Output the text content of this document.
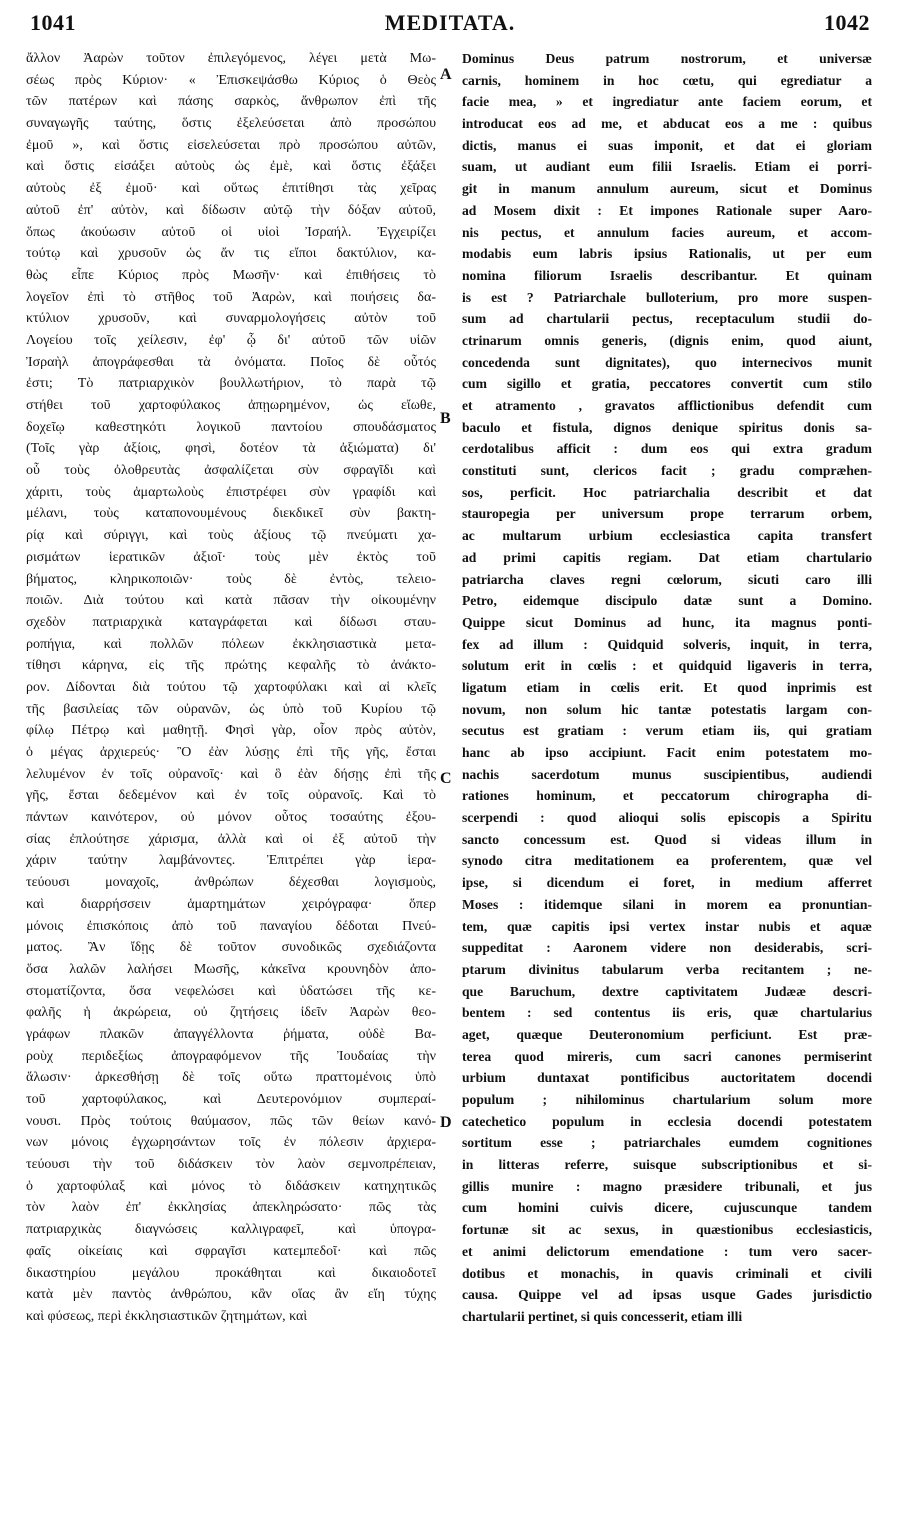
1041	MEDITATA.	1042
ἄλλον Ἀαρὼν τοῦτον ἐπιλεγόμενος, λέγει μετὰ Μω-
σέως πρὸς Κύριον· « Ἐπισκεψάσθω Κύριος ὁ Θεὸς
τῶν πατέρων καὶ πάσης σαρκὸς, ἄνθρωπον ἐπὶ τῆς
συναγωγῆς ταύτης, ὅστις ἐξελεύσεται ἀπὸ προσώπου
ἐμοῦ », καὶ ὅστις εἰσελεύσεται πρὸ προσώπου αὐτῶν,
καὶ ὅστις εἰσάξει αὐτοὺς ὡς ἐμὲ, καὶ ὅστις ἐξάξει
αὐτοὺς ἐξ ἐμοῦ· καὶ οὕτως ἐπιτίθησι τὰς χεῖρας
αὐτοῦ ἐπ' αὐτὸν, καὶ δίδωσιν αὐτῷ τὴν δόξαν αὐτοῦ,
ὅπως ἀκούωσιν αὐτοῦ οἱ υἱοὶ Ἰσραήλ. Ἐγχειρίζει
τούτῳ καὶ χρυσοῦν ὡς ἄν τις εἴποι δακτύλιον, κα-
θὼς εἶπε Κύριος πρὸς Μωσῆν· καὶ ἐπιθήσεις τὸ
λογεῖον ἐπὶ τὸ στῆθος τοῦ Ἀαρὼν, καὶ ποιήσεις δα-
κτύλιον χρυσοῦν, καὶ συναρμολογήσεις αὐτὸν τοῦ
Λογείου τοῖς χείλεσιν, ἐφ' ᾧ δι' αὐτοῦ τῶν υἱῶν
Ἰσραὴλ ἀπογράφεσθαι τὰ ὀνόματα. Ποῖος δὲ οὗτός
ἐστι; Τὸ πατριαρχικὸν βουλλωτήριον, τὸ παρὰ τῷ
στήθει τοῦ χαρτοφύλακος ἀπῃωρημένον, ὡς εἴωθε,
δοχεῖῳ καθεστηκότι λογικοῦ παντοίου σπουδάσματος
(Τοῖς γὰρ ἀξίοις, φησὶ, δοτέον τὰ ἀξιώματα) δι'
οὗ τοὺς ὀλοθρευτὰς ἀσφαλίζεται σὺν σφραγῖδι καὶ
χάριτι, τοὺς ἁμαρτωλοὺς ἐπιστρέφει σὺν γραφίδι καὶ
μέλανι, τοὺς καταπονουμένους διεκδικεῖ σὺν βακτη-
ρίᾳ καὶ σύριγγι, καὶ τοὺς ἀξίους τῷ πνεύματι χα-
ρισμάτων ἱερατικῶν ἀξιοῖ· τοὺς μὲν ἐκτὸς τοῦ
βήματος, κληρικοποιῶν· τοὺς δὲ ἐντὸς, τελειο-
ποιῶν. Διὰ τούτου καὶ κατὰ πᾶσαν τὴν οἰκουμένην
σχεδὸν πατριαρχικὰ καταγράφεται καὶ δίδωσι σταυ-
ροπήγια, καὶ πολλῶν πόλεων ἐκκλησιαστικὰ μετα-
τίθησι κάρηνα, εἰς τῆς πρώτης κεφαλῆς τὸ ἀνάκτο-
ρον. Δίδονται διὰ τούτου τῷ χαρτοφύλακι καὶ αἱ κλεῖς
τῆς βασιλείας τῶν οὐρανῶν, ὡς ὑπὸ τοῦ Κυρίου τῷ
φίλῳ Πέτρῳ καὶ μαθητῇ. Φησὶ γὰρ, οἷον πρὸς αὐτὸν,
ὁ μέγας ἀρχιερεύς· Ὃ ἐὰν λύσῃς ἐπὶ τῆς γῆς, ἔσται
λελυμένον ἐν τοῖς οὐρανοῖς· καὶ ὃ ἐὰν δήσῃς ἐπὶ τῆς
γῆς, ἔσται δεδεμένον καὶ ἐν τοῖς οὐρανοῖς. Καὶ τὸ
πάντων καινότερον, οὐ μόνον οὗτος τοσαύτης ἐξου-
σίας ἐπλούτησε χάρισμα, ἀλλὰ καὶ οἱ ἐξ αὐτοῦ τὴν
χάριν ταύτην λαμβάνοντες. Ἐπιτρέπει γὰρ ἱερα-
τεύουσι μοναχοῖς, ἀνθρώπων δέχεσθαι λογισμοὺς,
καὶ διαρρήσσειν ἁμαρτημάτων χειρόγραφα· ὅπερ
μόνοις ἐπισκόποις ἀπὸ τοῦ παναγίου δέδοται Πνεύ-
ματος. Ἂν ἴδῃς δὲ τοῦτον συνοδικῶς σχεδιάζοντα
ὅσα λαλῶν λαλήσει Μωσῆς, κἀκεῖνα κρουνηδὸν ἀπο-
στοματίζοντα, ὅσα νεφελώσει καὶ ὑδατώσει τῆς κε-
φαλῆς ἡ ἀκρώρεια, οὐ ζητήσεις ἰδεῖν Ἀαρὼν θεο-
γράφων πλακῶν ἀπαγγέλλοντα ῥήματα, οὐδὲ Βα-
ροὺχ περιδεξίως ἀπογραφόμενον τῆς Ἰουδαίας τὴν
ἅλωσιν· ἀρκεσθήσῃ δὲ τοῖς οὕτω πραττομένοις ὑπὸ
τοῦ χαρτοφύλακος, καὶ Δευτερονόμιον συμπεραί-
νουσι. Πρὸς τούτοις θαύμασον, πῶς τῶν θείων κανό-
νων μόνοις ἐγχωρησάντων τοῖς ἐν πόλεσιν ἀρχιερα-
τεύουσι τὴν τοῦ διδάσκειν τὸν λαὸν σεμνοπρέπειαν,
ὁ χαρτοφύλαξ καὶ μόνος τὸ διδάσκειν κατηχητικῶς
τὸν λαὸν ἐπ' ἐκκλησίας ἀπεκληρώσατο· πῶς τὰς
πατριαρχικὰς διαγνώσεις καλλιγραφεῖ, καὶ ὑπογρα-
φαῖς οἰκείαις καὶ σφραγῖσι κατεμπεδοῖ· καὶ πῶς
δικαστηρίου μεγάλου προκάθηται καὶ δικαιοδοτεῖ
κατὰ μὲν παντὸς ἀνθρώπου, κἂν οἵας ἂν εἴη τύχης
καὶ φύσεως, περὶ ἐκκλησιαστικῶν ζητημάτων, καὶ
Dominus Deus patrum nostrorum, et universæ
carnis, hominem in hoc cœtu, qui egrediatur a
facie mea, » et ingrediatur ante faciem eorum, et
introducat eos ad me, et abducat eos a me : quibus
dictis, manus ei suas imponit, et dat ei gloriam
suam, ut audiant eum filii Israelis. Etiam ei porri-
git in manum annulum aureum, sicut et Dominus
ad Mosem dixit : Et impones Rationale super Aaro-
nis pectus, et annulum facies aureum, et accom-
modabis eum labris ipsius Rationalis, ut per eum
nomina filiorum Israelis describantur. Et quinam
is est ? Patriarchale bulloterium, pro more suspen-
sum ad chartularii pectus, receptaculum studii do-
ctrinarum omnis generis, (dignis enim, quod aiunt,
concedenda sunt dignitates), quo internecivos munit
cum sigillo et gratia, peccatores convertit cum stilo
et atramento , gravatos afflictionibus defendit cum
baculo et fistula, dignos denique spiritus donis sa-
cerdotalibus afficit : dum eos qui extra gradum
constituti sunt, clericos facit ; gradu compræhen-
sos, perficit. Hoc patriarchalia describit et dat
stauropegia per universum prope terrarum orbem,
ac multarum urbium ecclesiastica capita transfert
ad primi capitis regiam. Dat etiam chartulario
patriarcha claves regni cœlorum, sicuti caro illi
Petro, eidemque discipulo datæ sunt a Domino.
Quippe sicut Dominus ad hunc, ita magnus ponti-
fex ad illum : Quidquid solveris, inquit, in terra,
solutum erit in cœlis : et quidquid ligaveris in terra,
ligatum etiam in cœlis erit. Et quod inprimis est
novum, non solum hic tantæ potestatis largam con-
secutus est gratiam : verum etiam iis, qui gratiam
hanc ab ipso accipiunt. Facit enim potestatem mo-
nachis sacerdotum munus suscipientibus, audiendi
rationes hominum, et peccatorum chirographa di-
scerpendi : quod alioqui solis episcopis a Spiritu
sancto concessum est. Quod si videas illum in
synodo citra meditationem ea proferentem, quæ vel
ipse, si dicendum ei foret, in medium afferret
Moses : itidemque silani in morem ea pronuntian-
tem, quæ capitis ipsi vertex instar nubis et aquæ
suppeditat : Aaronem videre non desiderabis, scri-
ptarum divinitus tabularum verba recitantem ; ne-
que Baruchum, dextre captivitatem Judææ descri-
bentem : sed contentus iis eris, quæ chartularius
aget, quæque Deuteronomium perficiunt. Est præ-
terea quod mireris, cum sacri canones permiserint
urbium duntaxat pontificibus auctoritatem docendi
populum ; nihilominus chartularium solum more
catechetico populum in ecclesia docendi potestatem
sortitum esse ; patriarchales eumdem cognitiones
in litteras referre, suisque subscriptionibus et si-
gillis munire : magno præsidere tribunali, et jus
cum homini cuivis dicere, cujuscunque tandem
fortunæ sit ac sexus, in quæstionibus ecclesiasticis,
et animi delictorum emendatione : tum vero sacer-
dotibus et monachis, in quavis criminali et civili
causa. Quippe vel ad ipsas usque Gades jurisdictio
chartularii pertinet, si quis concesserit, etiam illi
A
B
C
D
